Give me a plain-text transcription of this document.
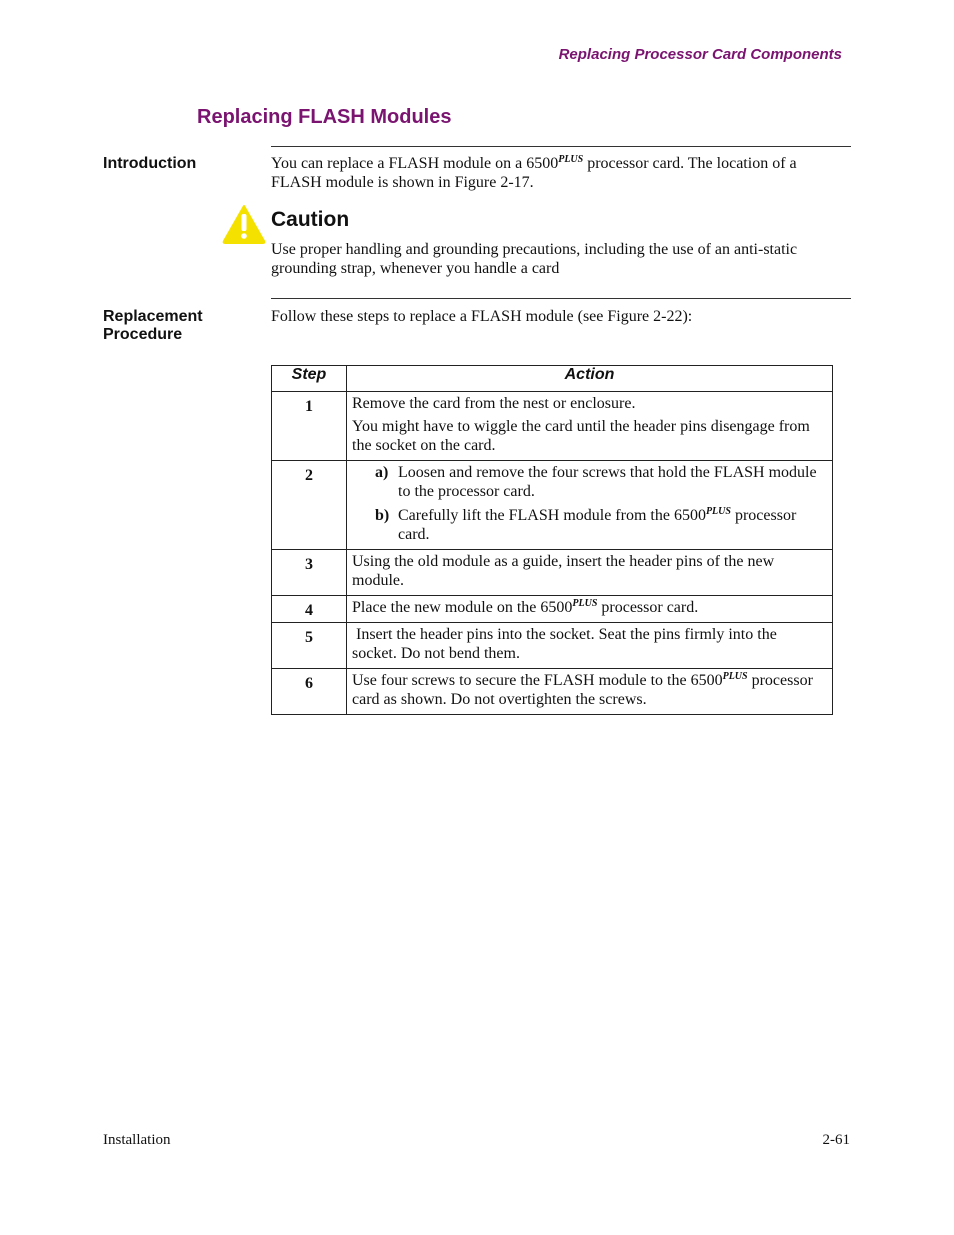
Replacing Processor Card Components
Replacing FLASH Modules
Introduction	You can replace a FLASH module on a $6500^{PLUS}$ processor card. The location of a FLASH module is shown in Figure 2-17.
Caution
Use proper handling and grounding precautions, including the use of an anti-static grounding strap, whenever you handle a card
Replacement
Procedure
Follow these steps to replace a FLASH module (see Figure 2-22):
Step	Action
1	Remove the card from the nest or enclosure.

You might have to wiggle the card until the header pins disengage from the socket on the card.

2	a) Loosen and remove the four screws that hold the FLASH module to the processor card.
b) Carefully lift the FLASH module from the $6500^{PLUS}$ processor card.

3	Using the old module as a guide, insert the header pins of the new module.
4	Place the new module on the $6500^{PLUS}$ processor card.
5	Insert the header pins into the socket. Seat the pins firmly into the socket. Do not bend them.
6	Use four screws to secure the FLASH module to the $6500^{PLUS}$ processor card as shown. Do not overtighten the screws.
Installation	2-61
